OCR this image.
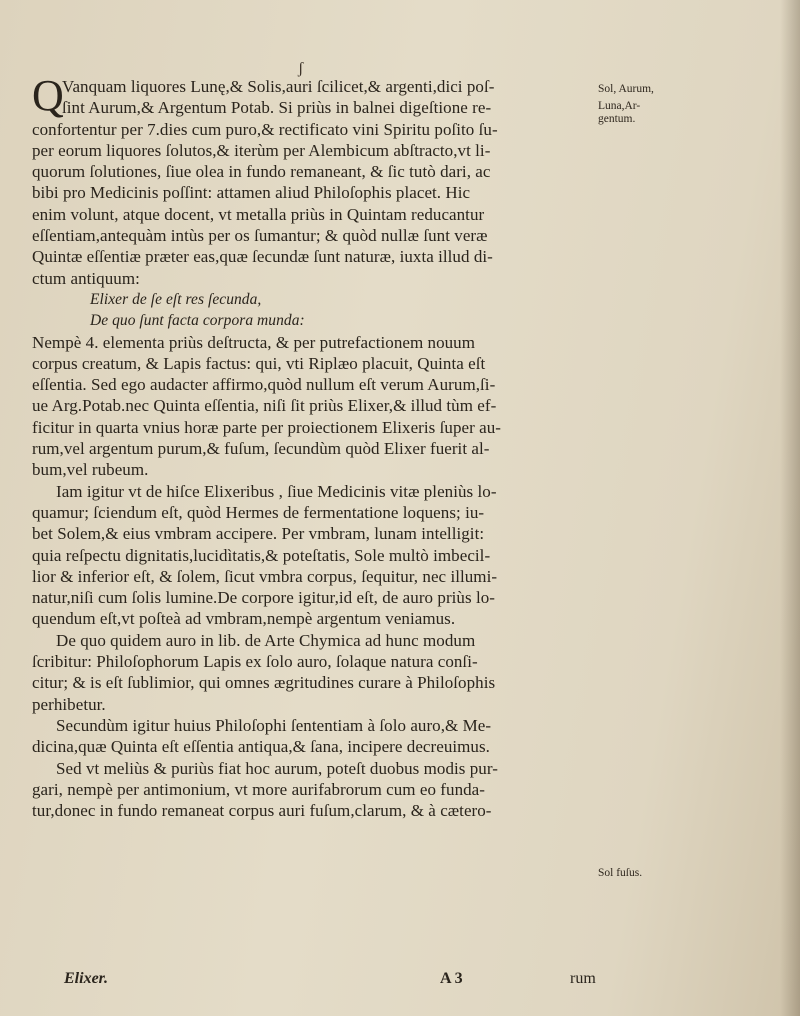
ʃ
Q
Vanquam liquores Lunę,& Solis,auri ſcilicet,& argenti,dici poſ-
ſint Aurum,& Argentum Potab. Si priùs in balnei digeſtione re-
confortentur per 7.dies cum puro,& rectificato vini Spiritu poſito ſu-
per eorum liquores ſolutos,& iterùm per Alembicum abſtracto,vt li-
quorum ſolutiones, ſiue olea in fundo remaneant, & ſic tutò dari, ac
bibi pro Medicinis poſſint: attamen aliud Philoſophis placet. Hic
enim volunt, atque docent, vt metalla priùs in Quintam reducantur
eſſentiam,antequàm intùs per os ſumantur; & quòd nullæ ſunt veræ
Quintæ eſſentiæ præter eas,quæ ſecundæ ſunt naturæ, iuxta illud di-
ctum antiquum:
Elixer de ſe eſt res ſecunda,
De quo ſunt facta corpora munda:
Nempè 4. elementa priùs deſtructa, & per putrefactionem nouum
corpus creatum, & Lapis factus: qui, vti Riplæo placuit, Quinta eſt
eſſentia. Sed ego audacter affirmo,quòd nullum eſt verum Aurum,ſi-
ue Arg.Potab.nec Quinta eſſentia, niſi ſit priùs Elixer,& illud tùm ef-
ficitur in quarta vnius horæ parte per proiectionem Elixeris ſuper au-
rum,vel argentum purum,& fuſum, ſecundùm quòd Elixer fuerit al-
bum,vel rubeum.
Iam igitur vt de hiſce Elixeribus , ſiue Medicinis vitæ pleniùs lo-
quamur; ſciendum eſt, quòd Hermes de fermentatione loquens; iu-
bet Solem,& eius vmbram accipere. Per vmbram, lunam intelligit:
quia reſpectu dignitatis,lucidìtatis,& poteſtatis, Sole multò imbecil-
lior & inferior eſt, & ſolem, ſicut vmbra corpus, ſequitur, nec illumi-
natur,niſi cum ſolis lumine.De corpore igitur,id eſt, de auro priùs lo-
quendum eſt,vt poſteà ad vmbram,nempè argentum veniamus.
De quo quidem auro in lib. de Arte Chymica ad hunc modum
ſcribitur: Philoſophorum Lapis ex ſolo auro, ſolaque natura conſi-
citur; & is eſt ſublimior, qui omnes ægritudines curare à Philoſophis
perhibetur.
Secundùm igitur huius Philoſophi ſententiam à ſolo auro,& Me-
dicina,quæ Quinta eſt eſſentia antiqua,& ſana, incipere decreuimus.
Sed vt meliùs & puriùs fiat hoc aurum, poteſt duobus modis pur-
gari, nempè per antimonium, vt more aurifabrorum cum eo funda-
tur,donec in fundo remaneat corpus auri fuſum,clarum, & à cætero-
Elixer.	A 3	rum
Sol, Aurum,
Luna,Ar-
gentum.
Sol fuſus.
